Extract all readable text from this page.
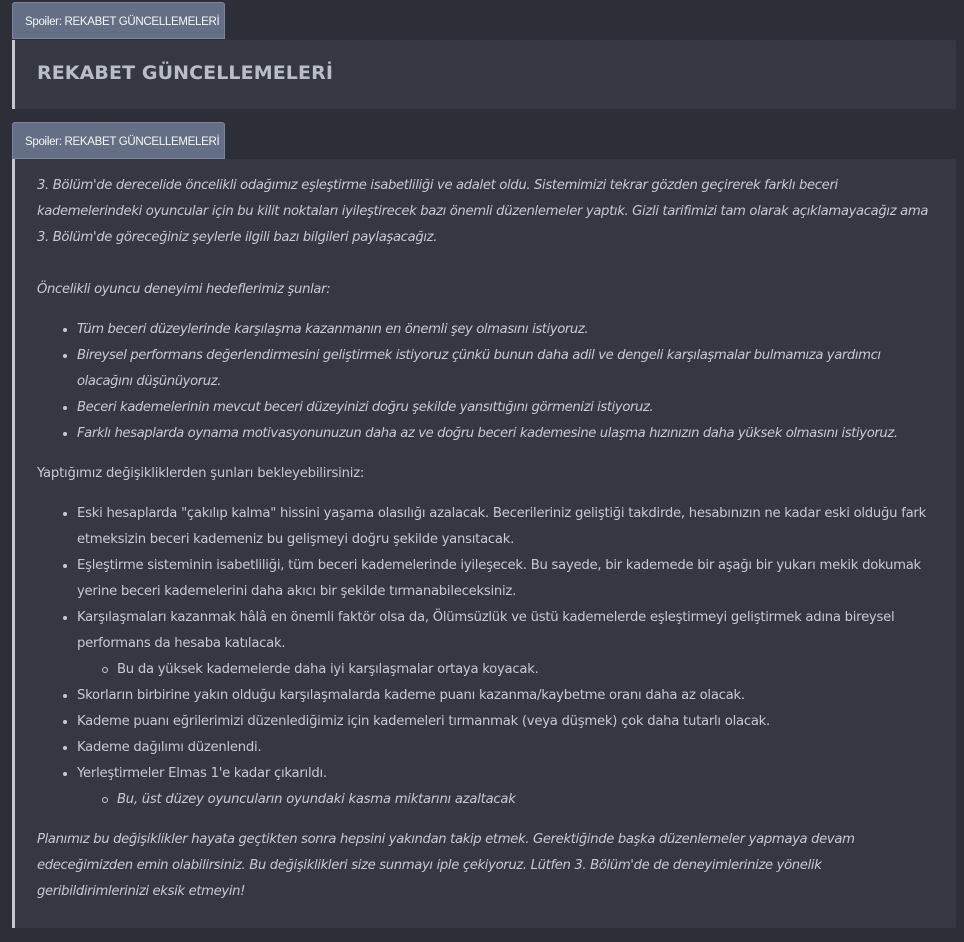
Spoiler: REKABET GÜNCELLEMELERİ
REKABET GÜNCELLEMELERİ
Spoiler: REKABET GÜNCELLEMELERİ

3. Bölüm'de derecelide öncelikli odağımız eşleştirme isabetliliği ve adalet oldu. Sistemimizi tekrar gözden geçirerek farklı beceri kademelerindeki oyuncular için bu kilit noktaları iyileştirecek bazı önemli düzenlemeler yaptık. Gizli tarifimizi tam olarak açıklamayacağız ama 3. Bölüm'de göreceğiniz şeylerle ilgili bazı bilgileri paylaşacağız.

Öncelikli oyuncu deneyimi hedeflerimiz şunlar:

Tüm beceri düzeylerinde karşılaşma kazanmanın en önemli şey olmasını istiyoruz.
Bireysel performans değerlendirmesini geliştirmek istiyoruz çünkü bunun daha adil ve dengeli karşılaşmalar bulmamıza yardımcı olacağını düşünüyoruz.
Beceri kademelerinin mevcut beceri düzeyinizi doğru şekilde yansıttığını görmenizi istiyoruz.
Farklı hesaplarda oynama motivasyonunuzun daha az ve doğru beceri kademesine ulaşma hızınızın daha yüksek olmasını istiyoruz.

Yaptığımız değişikliklerden şunları bekleyebilirsiniz:

Eski hesaplarda "çakılıp kalma" hissini yaşama olasılığı azalacak. Becerileriniz geliştiği takdirde, hesabınızın ne kadar eski olduğu fark etmeksizin beceri kademeniz bu gelişmeyi doğru şekilde yansıtacak.
Eşleştirme sisteminin isabetliliği, tüm beceri kademelerinde iyileşecek. Bu sayede, bir kademede bir aşağı bir yukarı mekik dokumak yerine beceri kademelerini daha akıcı bir şekilde tırmanabileceksiniz.
Karşılaşmaları kazanmak hâlâ en önemli faktör olsa da, Ölümsüzlük ve üstü kademelerde eşleştirmeyi geliştirmek adına bireysel performans da hesaba katılacak.
Bu da yüksek kademelerde daha iyi karşılaşmalar ortaya koyacak.
Skorların birbirine yakın olduğu karşılaşmalarda kademe puanı kazanma/kaybetme oranı daha az olacak.
Kademe puanı eğrilerimizi düzenlediğimiz için kademeleri tırmanmak (veya düşmek) çok daha tutarlı olacak.
Kademe dağılımı düzenlendi.
Yerleştirmeler Elmas 1'e kadar çıkarıldı.
Bu, üst düzey oyuncuların oyundaki kasma miktarını azaltacak

Planımız bu değişiklikler hayata geçtikten sonra hepsini yakından takip etmek. Gerektiğinde başka düzenlemeler yapmaya devam edeceğimizden emin olabilirsiniz. Bu değişiklikleri size sunmayı iple çekiyoruz. Lütfen 3. Bölüm'de de deneyimlerinize yönelik geribildirimlerinizi eksik etmeyin!
